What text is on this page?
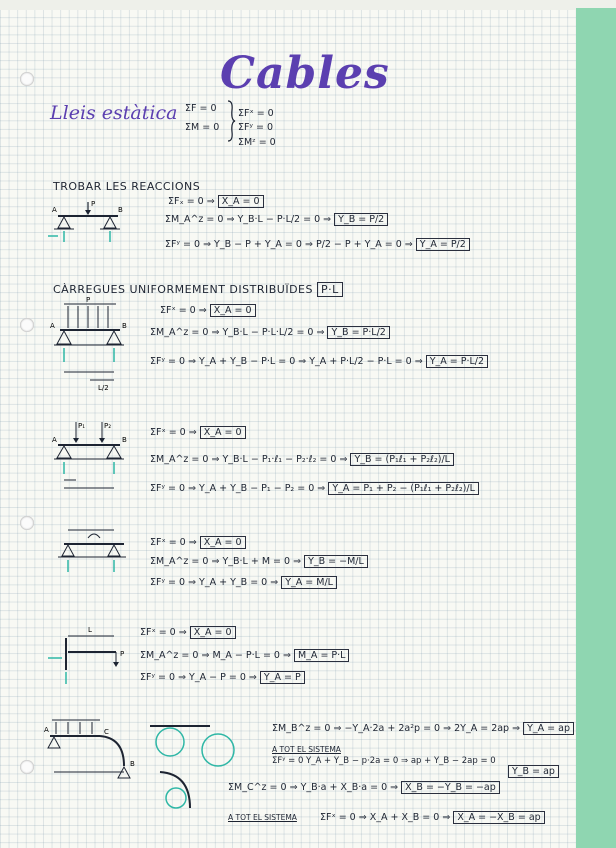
Cables
Lleis estàtica ΣF = 0
ΣM = 0
ΣFˣ = 0
ΣFʸ = 0
ΣMᶻ = 0
TROBAR LES REACCIONS
A	B
P	ΣFₓ = 0 ⇒ X_A = 0
ΣM_A^z = 0 ⇒ Y_B·L − P·L/2 = 0 ⇒ Y_B = P/2
ΣFʸ = 0 ⇒ Y_B − P + Y_A = 0 ⇒ P/2 − P + Y_A = 0 ⇒ Y_A = P/2
CÀRREGUES UNIFORMEMENT DISTRIBUÏDES P·L
A	B
P
L/2
ΣFˣ = 0 ⇒ X_A = 0
ΣM_A^z = 0 ⇒ Y_B·L − P·L·L/2 = 0 ⇒ Y_B = P·L/2
ΣFʸ = 0 ⇒ Y_A + Y_B − P·L = 0 ⇒ Y_A + P·L/2 − P·L = 0 ⇒ Y_A = P·L/2
A	B
P₁	P₂
ΣFˣ = 0 ⇒ X_A = 0
ΣM_A^z = 0 ⇒ Y_B·L − P₁·ℓ₁ − P₂·ℓ₂ = 0 ⇒ Y_B = (P₁ℓ₁ + P₂ℓ₂)/L
ΣFʸ = 0 ⇒ Y_A + Y_B − P₁ − P₂ = 0 ⇒ Y_A = P₁ + P₂ − (P₁ℓ₁ + P₂ℓ₂)/L
ΣFˣ = 0 ⇒ X_A = 0
ΣM_A^z = 0 ⇒ Y_B·L + M = 0 ⇒ Y_B = −M/L
ΣFʸ = 0 ⇒ Y_A + Y_B = 0 ⇒ Y_A = M/L
L
P
ΣFˣ = 0 ⇒ X_A = 0
ΣM_A^z = 0 ⇒ M_A − P·L = 0 ⇒ M_A = P·L
ΣFʸ = 0 ⇒ Y_A − P = 0 ⇒ Y_A = P
A
B
C	ΣM_B^z = 0 ⇒ −Y_A·2a + 2a²p = 0 ⇒ 2Y_A = 2ap ⇒ Y_A = ap
A TOT EL SISTEMA
ΣFʸ = 0 Y_A + Y_B − p·2a = 0 ⇒ ap + Y_B − 2ap = 0
Y_B = ap
ΣM_C^z = 0 ⇒ Y_B·a + X_B·a = 0 ⇒ X_B = −Y_B = −ap
A TOT EL SISTEMA ΣFˣ = 0 ⇒ X_A + X_B = 0 ⇒ X_A = −X_B = ap
